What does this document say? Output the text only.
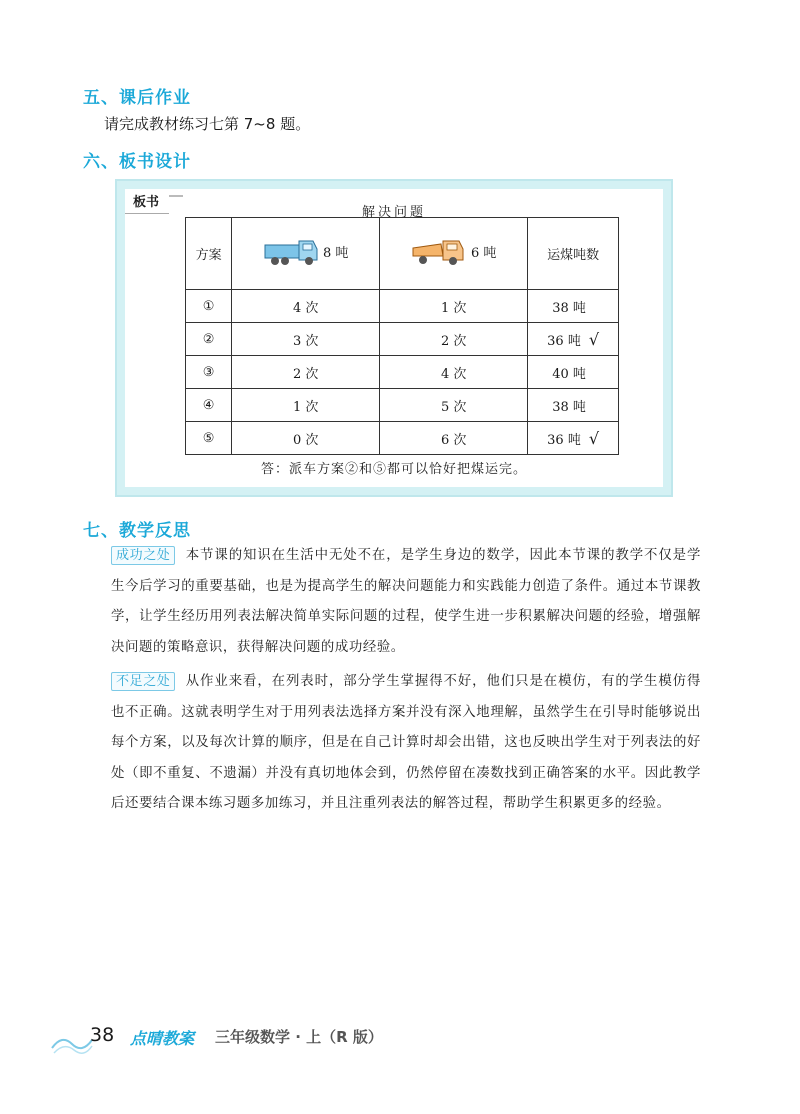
五、课后作业
请完成教材练习七第 7~8 题。
六、板书设计
板书
解决问题
方案	8 吨	6 吨	运煤吨数
①	4 次	1 次	38 吨
②	3 次	2 次	36 吨 √
③	2 次	4 次	40 吨
④	1 次	5 次	38 吨
⑤	0 次	6 次	36 吨 √
答：派车方案②和⑤都可以恰好把煤运完。
七、教学反思
成功之处 本节课的知识在生活中无处不在，是学生身边的数学，因此本节课的教学不仅是学生今后学习的重要基础，也是为提高学生的解决问题能力和实践能力创造了条件。通过本节课教学，让学生经历用列表法解决简单实际问题的过程，使学生进一步积累解决问题的经验，增强解决问题的策略意识，获得解决问题的成功经验。
不足之处 从作业来看，在列表时，部分学生掌握得不好，他们只是在模仿，有的学生模仿得也不正确。这就表明学生对于用列表法选择方案并没有深入地理解，虽然学生在引导时能够说出每个方案，以及每次计算的顺序，但是在自己计算时却会出错，这也反映出学生对于列表法的好处（即不重复、不遗漏）并没有真切地体会到，仍然停留在凑数找到正确答案的水平。因此教学后还要结合课本练习题多加练习，并且注重列表法的解答过程，帮助学生积累更多的经验。
38 点晴教案 三年级数学 · 上（R 版）
